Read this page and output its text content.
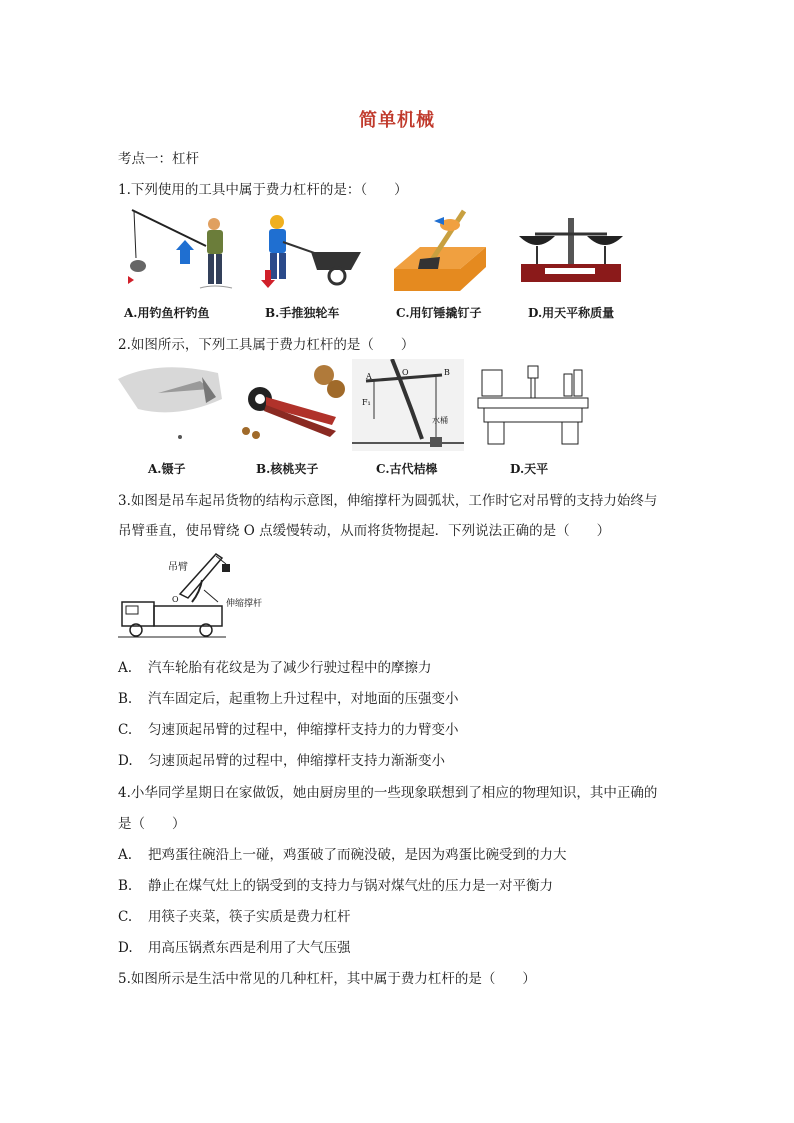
简单机械
考点一：杠杆
1.下列使用的工具中属于费力杠杆的是：（　　）
A.用钓鱼杆钓鱼	B.手推独轮车	C.用钉锤撬钉子	D.用天平称质量
2.如图所示，下列工具属于费力杠杆的是（　　）
A	O	B
F₁
水桶
A.镊子	B.核桃夹子	C.古代桔槔	D.天平
3.如图是吊车起吊货物的结构示意图，伸缩撑杆为圆弧状，工作时它对吊臂的支持力始终与
吊臂垂直，使吊臂绕 O 点缓慢转动，从而将货物提起．下列说法正确的是（　　）
吊臂
伸缩撑杆
O
A. 汽车轮胎有花纹是为了减少行驶过程中的摩擦力
B. 汽车固定后，起重物上升过程中，对地面的压强变小
C. 匀速顶起吊臂的过程中，伸缩撑杆支持力的力臂变小
D. 匀速顶起吊臂的过程中，伸缩撑杆支持力渐渐变小
4.小华同学星期日在家做饭，她由厨房里的一些现象联想到了相应的物理知识，其中正确的
是（　　）
A. 把鸡蛋往碗沿上一碰，鸡蛋破了而碗没破，是因为鸡蛋比碗受到的力大
B. 静止在煤气灶上的锅受到的支持力与锅对煤气灶的压力是一对平衡力
C. 用筷子夹菜，筷子实质是费力杠杆
D. 用高压锅煮东西是利用了大气压强
5.如图所示是生活中常见的几种杠杆，其中属于费力杠杆的是（　　）
